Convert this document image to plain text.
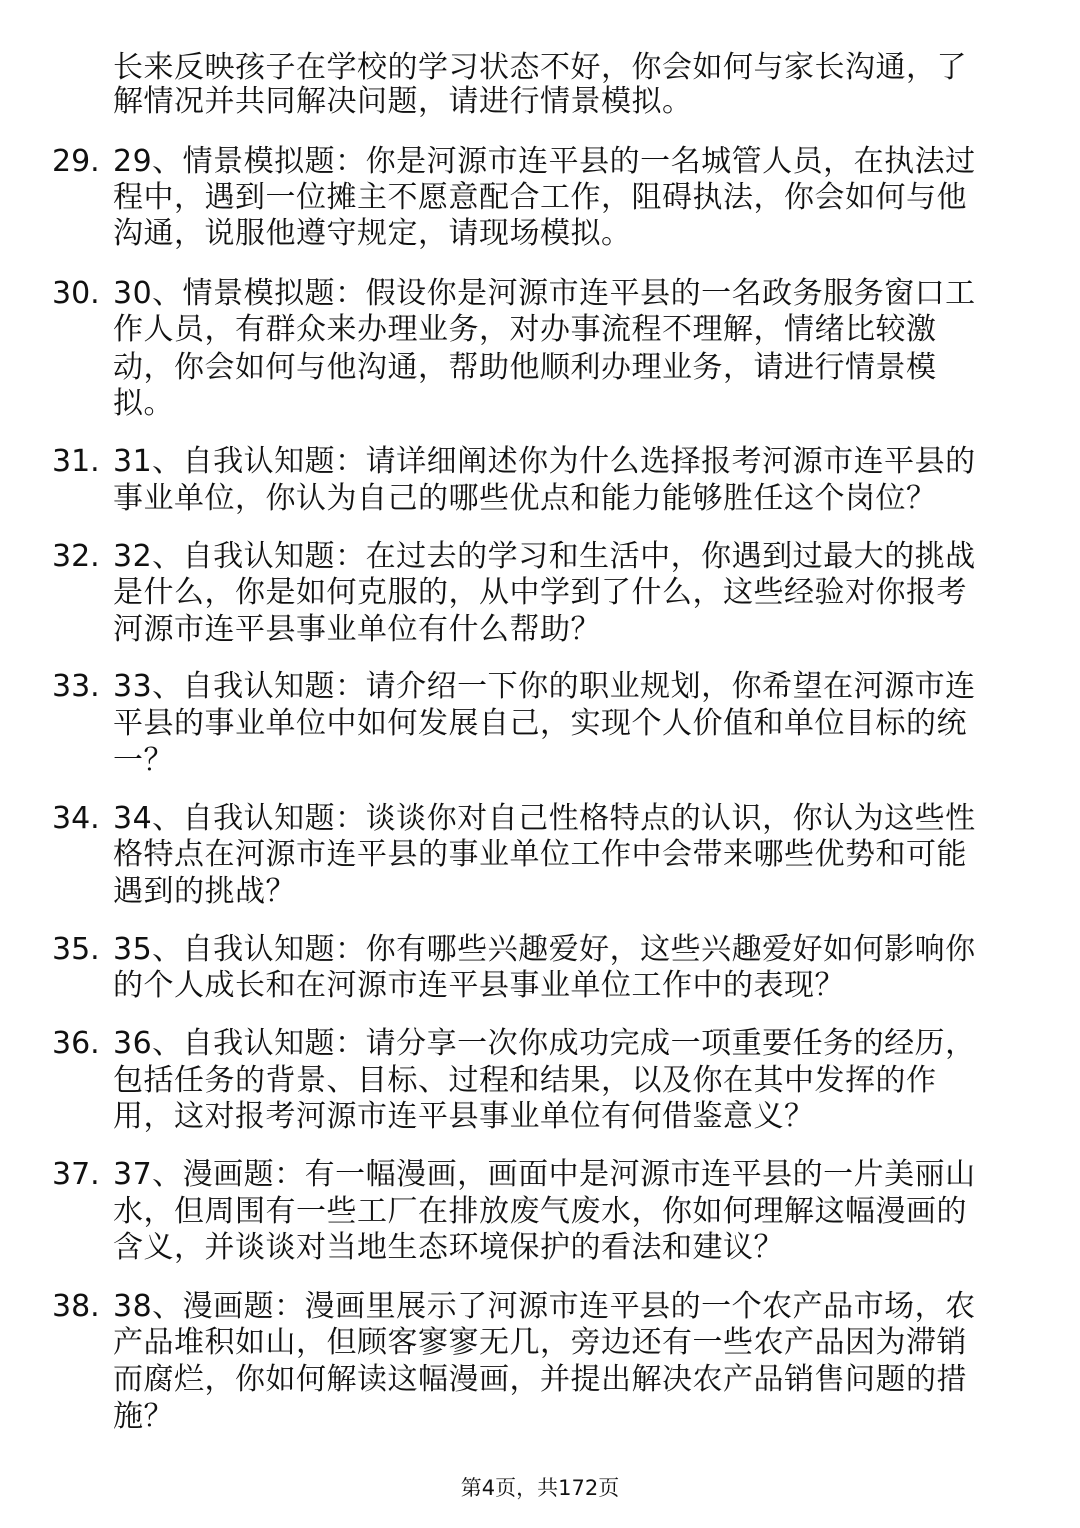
长来反映孩子在学校的学习状态不好，你会如何与家长沟通，了
解情况并共同解决问题，请进行情景模拟。
29. 29、情景模拟题：你是河源市连平县的一名城管人员，在执法过
程中，遇到一位摊主不愿意配合工作，阻碍执法，你会如何与他
沟通，说服他遵守规定，请现场模拟。
30. 30、情景模拟题：假设你是河源市连平县的一名政务服务窗口工
作人员，有群众来办理业务，对办事流程不理解，情绪比较激
动，你会如何与他沟通，帮助他顺利办理业务，请进行情景模
拟。
31. 31、自我认知题：请详细阐述你为什么选择报考河源市连平县的
事业单位，你认为自己的哪些优点和能力能够胜任这个岗位？
32. 32、自我认知题：在过去的学习和生活中，你遇到过最大的挑战
是什么，你是如何克服的，从中学到了什么，这些经验对你报考
河源市连平县事业单位有什么帮助？
33. 33、自我认知题：请介绍一下你的职业规划，你希望在河源市连
平县的事业单位中如何发展自己，实现个人价值和单位目标的统
一？
34. 34、自我认知题：谈谈你对自己性格特点的认识，你认为这些性
格特点在河源市连平县的事业单位工作中会带来哪些优势和可能
遇到的挑战？
35. 35、自我认知题：你有哪些兴趣爱好，这些兴趣爱好如何影响你
的个人成长和在河源市连平县事业单位工作中的表现？
36. 36、自我认知题：请分享一次你成功完成一项重要任务的经历，
包括任务的背景、目标、过程和结果，以及你在其中发挥的作
用，这对报考河源市连平县事业单位有何借鉴意义？
37. 37、漫画题：有一幅漫画，画面中是河源市连平县的一片美丽山
水，但周围有一些工厂在排放废气废水，你如何理解这幅漫画的
含义，并谈谈对当地生态环境保护的看法和建议？
38. 38、漫画题：漫画里展示了河源市连平县的一个农产品市场，农
产品堆积如山，但顾客寥寥无几，旁边还有一些农产品因为滞销
而腐烂，你如何解读这幅漫画，并提出解决农产品销售问题的措
施？
第4页，共172页
